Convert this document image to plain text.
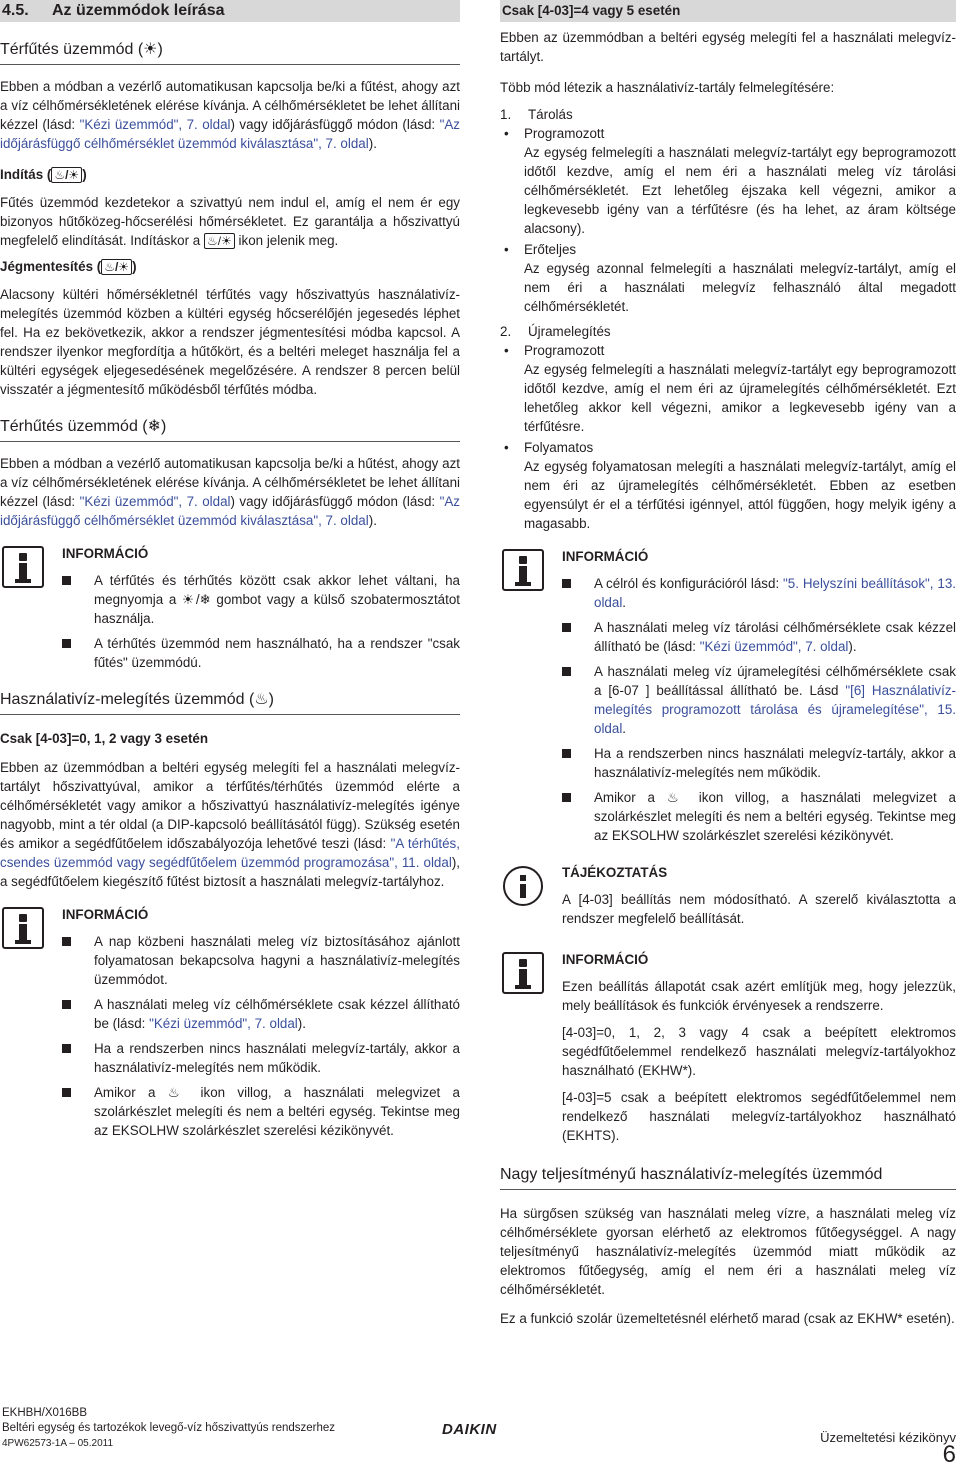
4.5. Az üzemmódok leírása
Térfűtés üzemmód (☀)

Ebben a módban a vezérlő automatikusan kapcsolja be/ki a fűtést, ahogy azt a víz célhőmérsékletének elérése kívánja. A célhőmérsékletet be lehet állítani kézzel (lásd: "Kézi üzemmód", 7. oldal) vagy időjárásfüggő módon (lásd: "Az időjárásfüggő célhőmérséklet üzemmód kiválasztása", 7. oldal).

Indítás ( ♨/☀ )

Fűtés üzemmód kezdetekor a szivattyú nem indul el, amíg el nem ér egy bizonyos hűtőközeg-hőcserélési hőmérsékletet. Ez garantálja a hőszivattyú megfelelő elindítását. Indításkor a ♨/☀ ikon jelenik meg.

Jégmentesítés ( ♨/☀ )

Alacsony kültéri hőmérsékletnél térfűtés vagy hőszivattyús használativíz-melegítés üzemmód közben a kültéri egység hőcserélőjén jegesedés léphet fel. Ha ez bekövetkezik, akkor a rendszer jégmentesítési módba kapcsol. A rendszer ilyenkor megfordítja a hűtőkört, és a beltéri meleget használja fel a kültéri egységek eljegesedésének megelőzésére. A rendszer 8 percen belül visszatér a jégmentesítő működésből térfűtés módba.

Térhűtés üzemmód (❄)

Ebben a módban a vezérlő automatikusan kapcsolja be/ki a hűtést, ahogy azt a víz célhőmérsékletének elérése kívánja. A célhőmérsékletet be lehet állítani kézzel (lásd: "Kézi üzemmód", 7. oldal) vagy időjárásfüggő módon (lásd: "Az időjárásfüggő célhőmérséklet üzemmód kiválasztása", 7. oldal).

INFORMÁCIÓ

A térfűtés és térhűtés között csak akkor lehet váltani, ha megnyomja a ☀/❄ gombot vagy a külső szobatermosztátot használja.
A térhűtés üzemmód nem használható, ha a rendszer "csak fűtés" üzemmódú.
Használativíz-melegítés üzemmód (♨)

Csak [4-03]=0, 1, 2 vagy 3 esetén

Ebben az üzemmódban a beltéri egység melegíti fel a használati melegvíz-tartályt hőszivattyúval, amikor a térfűtés/térhűtés üzemmód elérte a célhőmérsékletét vagy amikor a hőszivattyú használativíz-melegítés igénye nagyobb, mint a tér oldal (a DIP-kapcsoló beállításától függ). Szükség esetén és amikor a segédfűtőelem időszabályozója lehetővé teszi (lásd: "A térhűtés, csendes üzemmód vagy segédfűtőelem üzemmód programozása", 11. oldal), a segédfűtőelem kiegészítő fűtést biztosít a használati melegvíz-tartályhoz.

INFORMÁCIÓ

A nap közbeni használati meleg víz biztosításához ajánlott folyamatosan bekapcsolva hagyni a használativíz-melegítés üzemmódot.
A használati meleg víz célhőmérséklete csak kézzel állítható be (lásd: "Kézi üzemmód", 7. oldal).
Ha a rendszerben nincs használati melegvíz-tartály, akkor a használativíz-melegítés nem működik.
Amikor a ♨ ikon villog, a használati melegvizet a szolárkészlet melegíti és nem a beltéri egység. Tekintse meg az EKSOLHW szolárkészlet szerelési kézikönyvét.
Csak [4-03]=4 vagy 5 esetén

Ebben az üzemmódban a beltéri egység melegíti fel a használati melegvíz-tartályt.

Több mód létezik a használativíz-tartály felmelegítésére:

1. Tárolás
• Programozott

Az egység felmelegíti a használati melegvíz-tartályt egy beprogramozott időtől kezdve, amíg el nem éri a használati meleg víz tárolási célhőmérsékletét. Ezt lehetőleg éjszaka kell végezni, amikor a legkevesebb igény van a térfűtésre (és ha lehet, az áram költsége alacsony).

• Erőteljes

Az egység azonnal felmelegíti a használati melegvíz-tartályt, amíg el nem éri a használati melegvíz felhasználó által megadott célhőmérsékletét.

2. Újramelegítés
• Programozott

Az egység felmelegíti a használati melegvíz-tartályt egy beprogramozott időtől kezdve, amíg el nem éri az újramelegítés célhőmérsékletét. Ezt lehetőleg akkor kell végezni, amikor a legkevesebb igény van a térfűtésre.

• Folyamatos

Az egység folyamatosan melegíti a használati melegvíz-tartályt, amíg el nem éri az újramelegítés célhőmérsékletét. Ebben az esetben egyensúlyt ér el a térfűtési igénnyel, attól függően, hogy melyik igény a magasabb.

INFORMÁCIÓ

A célról és konfigurációról lásd: "5. Helyszíni beállítások", 13. oldal.
A használati meleg víz tárolási célhőmérséklete csak kézzel állítható be (lásd: "Kézi üzemmód", 7. oldal).
A használati meleg víz újramelegítési célhőmérséklete csak a [6-07 ] beállítással állítható be. Lásd "[6] Használativíz-melegítés programozott tárolása és újramelegítése", 15. oldal.
Ha a rendszerben nincs használati melegvíz-tartály, akkor a használativíz-melegítés nem működik.
Amikor a ♨ ikon villog, a használati melegvizet a szolárkészlet melegíti és nem a beltéri egység. Tekintse meg az EKSOLHW szolárkészlet szerelési kézikönyvét.

TÁJÉKOZTATÁS

A [4-03] beállítás nem módosítható. A szerelő kiválasztotta a rendszer megfelelő beállítását.

INFORMÁCIÓ

Ezen beállítás állapotát csak azért említjük meg, hogy jelezzük, mely beállítások és funkciók érvényesek a rendszerre.

[4-03]=0, 1, 2, 3 vagy 4 csak a beépített elektromos segédfűtőelemmel rendelkező használati melegvíz-tartályokhoz használható (EKHW*).

[4-03]=5 csak a beépített elektromos segédfűtőelemmel nem rendelkező használati melegvíz-tartályokhoz használható (EKHTS).

Nagy teljesítményű használativíz-melegítés üzemmód

Ha sürgősen szükség van használati meleg vízre, a használati meleg víz célhőmérséklete gyorsan elérhető az elektromos fűtőegységgel. A nagy teljesítményű használativíz-melegítés üzemmód miatt működik az elektromos fűtőegység, amíg el nem éri a használati meleg víz célhőmérsékletét.

Ez a funkció szolár üzemeltetésnél elérhető marad (csak az EKHW* esetén).

EKHBH/X016BB
Beltéri egység és tartozékok levegő-víz hőszivattyús rendszerhez
4PW62573-1A – 05.2011
DAIKIN	Üzemeltetési kézikönyv
6
